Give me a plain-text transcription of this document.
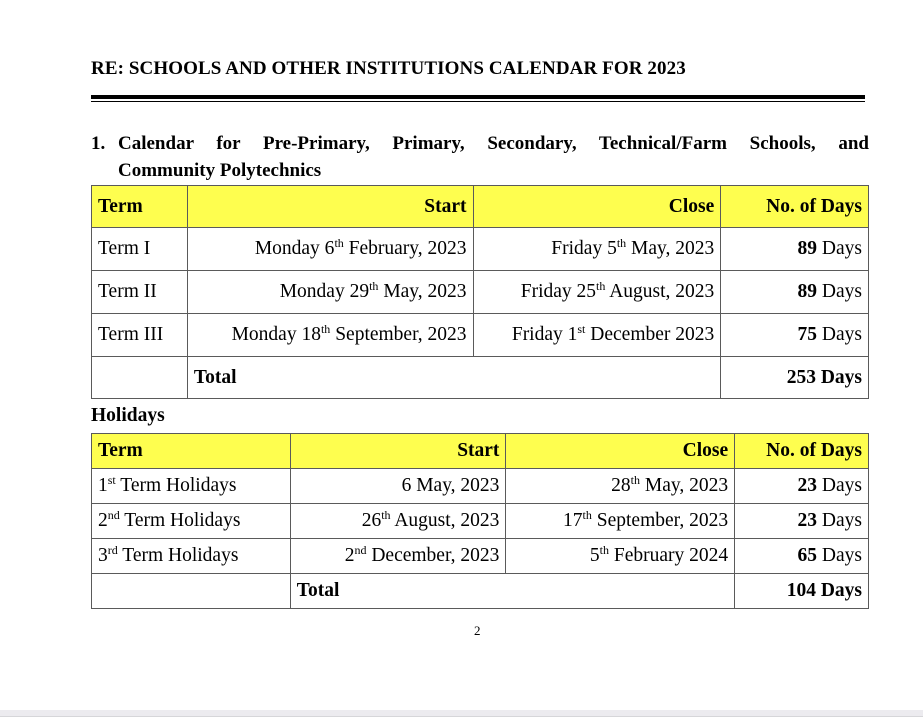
RE: SCHOOLS AND OTHER INSTITUTIONS CALENDAR FOR 2023
1. Calendar for Pre-Primary, Primary, Secondary, Technical/Farm Schools, and
Community Polytechnics
Term	Start	Close	No. of Days
Term I	Monday 6th February, 2023	Friday 5th May, 2023	89 Days
Term II	Monday 29th May, 2023	Friday 25th August, 2023	89 Days
Term III	Monday 18th September, 2023	Friday 1st December 2023	75 Days
	Total		253 Days
Holidays
Term	Start	Close	No. of Days
1st Term Holidays	6 May, 2023	28th May, 2023	23 Days
2nd Term Holidays	26th August, 2023	17th September, 2023	23 Days
3rd Term Holidays	2nd December, 2023	5th February 2024	65 Days
	Total		104 Days
2
